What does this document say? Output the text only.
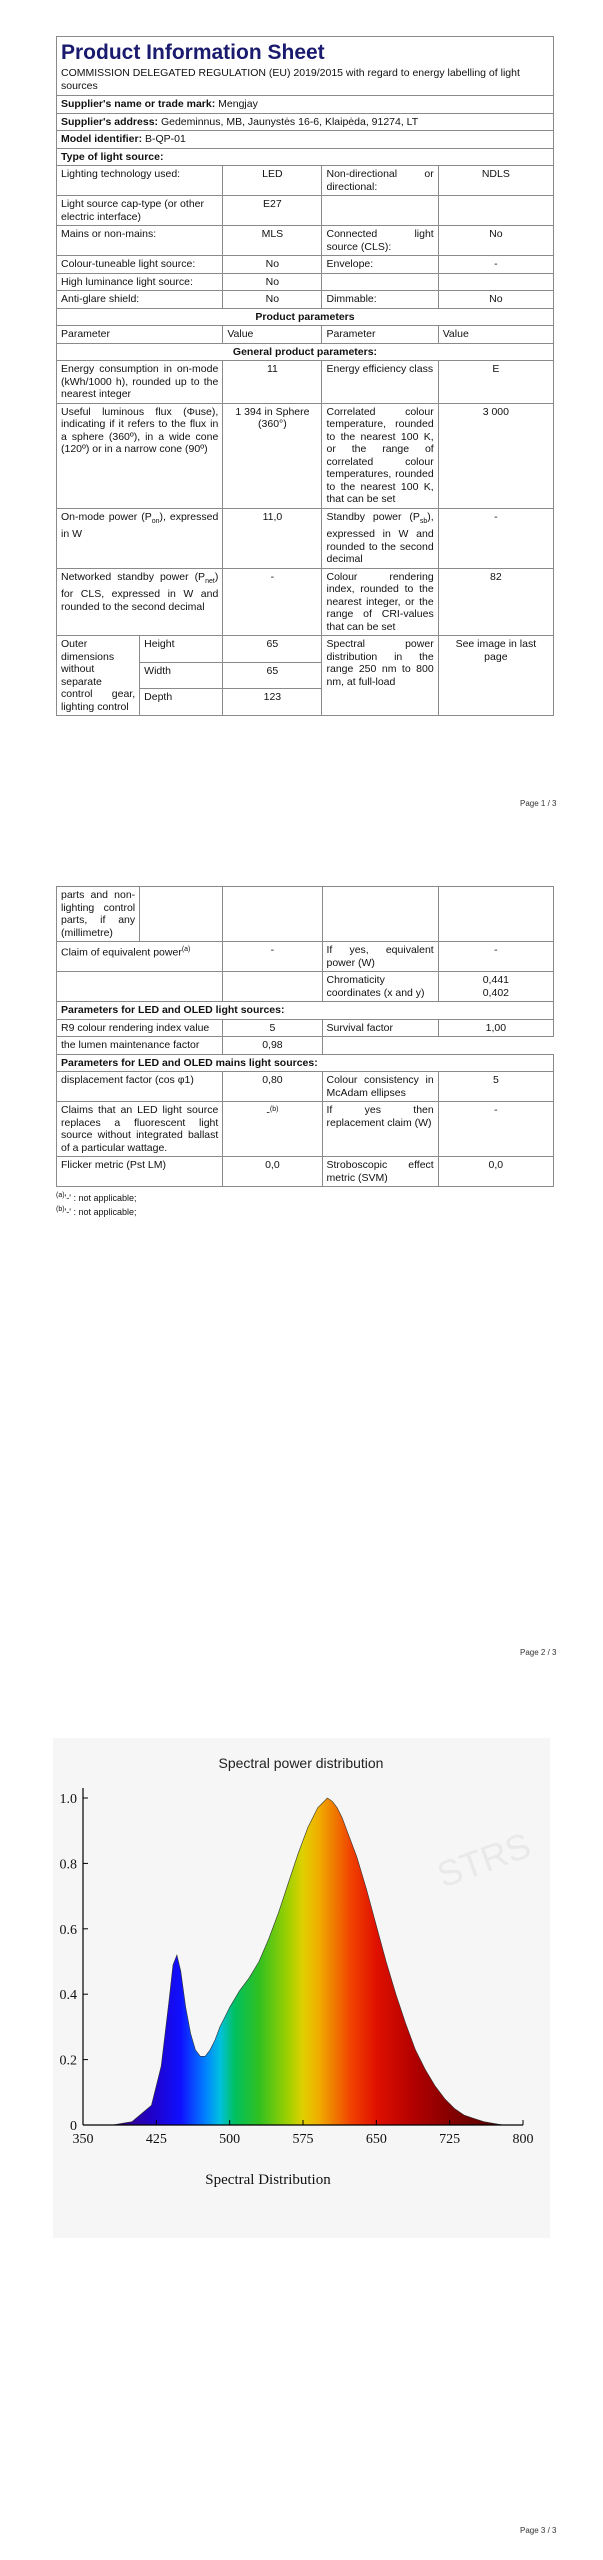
Product Information Sheet
COMMISSION DELEGATED REGULATION (EU) 2019/2015 with regard to energy labelling of light sources
Supplier's name or trade mark: Mengjay				
Supplier's address: Gedeminnus, MB, Jaunystės 16-6, Klaipėda, 91274, LT				
Model identifier: B-QP-01				
Type of light source:				
Lighting technology used:		LED	Non-directional or directional:	NDLS
Light source cap-type (or other electric interface)		E27		
Mains or non-mains:		MLS	Connected light source (CLS):	No
Colour-tuneable light source:		No	Envelope:	-
High luminance light source:		No		
Anti-glare shield:		No	Dimmable:	No
Product parameters				
Parameter		Value	Parameter	Value
General product parameters:				
Energy consumption in on-mode (kWh/1000 h), rounded up to the nearest integer		11	Energy efficiency class	E
Useful luminous flux (Φuse), indicating if it refers to the flux in a sphere (360º), in a wide cone (120º) or in a narrow cone (90º)		1 394 in Sphere (360°)	Correlated colour temperature, rounded to the nearest 100 K, or the range of correlated colour temperatures, rounded to the nearest 100 K, that can be set	3 000
On-mode power $(P_{on})$, expressed in W		11,0	Standby power $(P_{sb})$, expressed in W and rounded to the second decimal	-
Networked standby power $(P_{net})$ for CLS, expressed in W and rounded to the second decimal		-	Colour rendering index, rounded to the nearest integer, or the range of CRI-values that can be set	82
Outer dimensions without separate control gear, lighting control	Height	65	Spectral power distribution in the range 250 nm to 800 nm, at full-load	See image in last page
	Width	65		
	Depth	123		
Page 1 / 3
parts and non-lighting control parts, if any (millimetre)				
Claim of equivalent power$^{(a)}$		-	If yes, equivalent power (W)	-
			Chromaticity coordinates (x and y)	0,441
0,402

Parameters for LED and OLED light sources:				
R9 colour rendering index value		5	Survival factor	1,00
the lumen maintenance factor		0,98		
Parameters for LED and OLED mains light sources:				
displacement factor (cos φ1)		0,80	Colour consistency in McAdam ellipses	5
Claims that an LED light source replaces a fluorescent light source without integrated ballast of a particular wattage.		-$^{(b)}$	If yes then replacement claim (W)	-
Flicker metric (Pst LM)		0,0	Stroboscopic effect metric (SVM)	0,0
$^{(a)}$'-' : not applicable;
$^{(b)}$'-' : not applicable;
Page 2 / 3
STRS
Spectral power distribution
350	425	500	575	650	725	800
0
0.2
0.4
0.6
0.8
1.0
Spectral Distribution
Page 3 / 3
